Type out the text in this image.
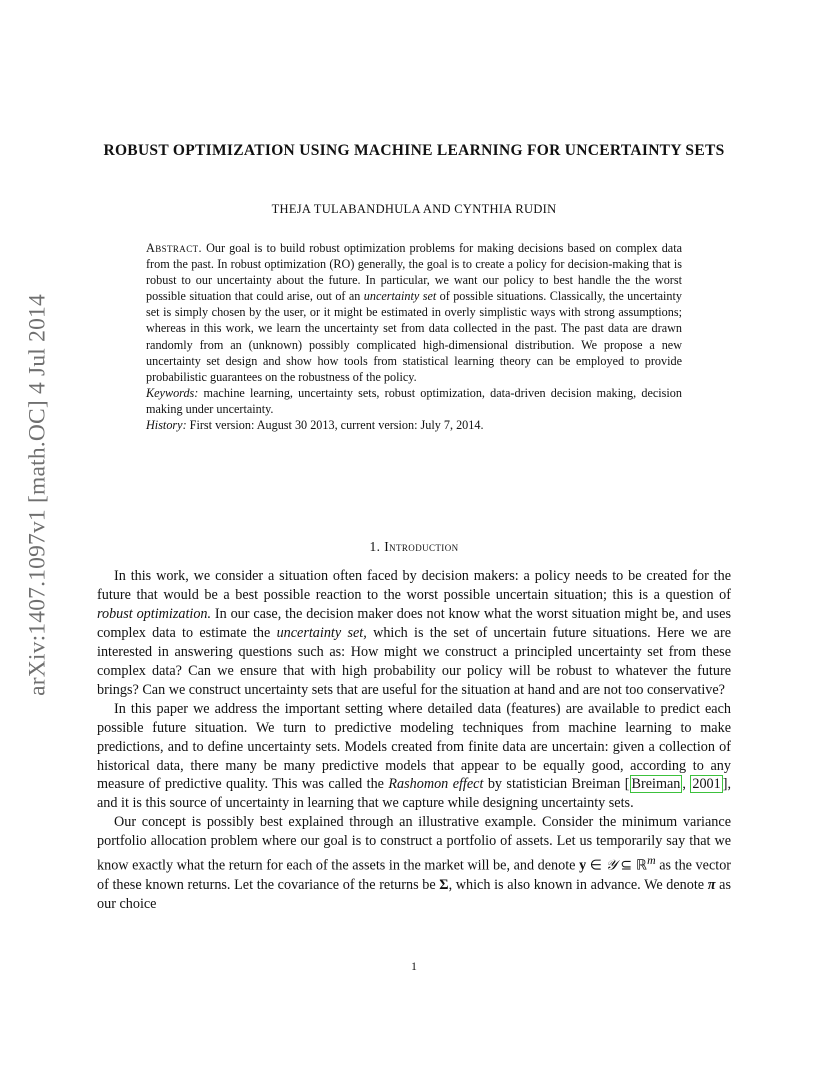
arXiv:1407.1097v1 [math.OC] 4 Jul 2014
ROBUST OPTIMIZATION USING MACHINE LEARNING FOR UNCERTAINTY SETS
THEJA TULABANDHULA AND CYNTHIA RUDIN

Abstract. Our goal is to build robust optimization problems for making decisions based on complex data from the past. In robust optimization (RO) generally, the goal is to create a policy for decision-making that is robust to our uncertainty about the future. In particular, we want our policy to best handle the the worst possible situation that could arise, out of an uncertainty set of possible situations. Classically, the uncertainty set is simply chosen by the user, or it might be estimated in overly simplistic ways with strong assumptions; whereas in this work, we learn the uncertainty set from data collected in the past. The past data are drawn randomly from an (unknown) possibly complicated high-dimensional distribution. We propose a new uncertainty set design and show how tools from statistical learning theory can be employed to provide probabilistic guarantees on the robustness of the policy.

Keywords: machine learning, uncertainty sets, robust optimization, data-driven decision making, decision making under uncertainty.

History: First version: August 30 2013, current version: July 7, 2014.

1. Introduction

In this work, we consider a situation often faced by decision makers: a policy needs to be created for the future that would be a best possible reaction to the worst possible uncertain situation; this is a question of robust optimization. In our case, the decision maker does not know what the worst situation might be, and uses complex data to estimate the uncertainty set, which is the set of uncertain future situations. Here we are interested in answering questions such as: How might we construct a principled uncertainty set from these complex data? Can we ensure that with high probability our policy will be robust to whatever the future brings? Can we construct uncertainty sets that are useful for the situation at hand and are not too conservative?

In this paper we address the important setting where detailed data (features) are available to predict each possible future situation. We turn to predictive modeling techniques from machine learning to make predictions, and to define uncertainty sets. Models created from finite data are uncertain: given a collection of historical data, there many be many predictive models that appear to be equally good, according to any measure of predictive quality. This was called the Rashomon effect by statistician Breiman [ Breiman , 2001 ], and it is this source of uncertainty in learning that we capture while designing uncertainty sets.

Our concept is possibly best explained through an illustrative example. Consider the minimum variance portfolio allocation problem where our goal is to construct a portfolio of assets. Let us temporarily say that we know exactly what the return for each of the assets in the market will be, and denote y ∈ 𝒴 ⊆ ℝ$^m$ as the vector of these known returns. Let the covariance of the returns be Σ, which is also known in advance. We denote π as our choice

1
